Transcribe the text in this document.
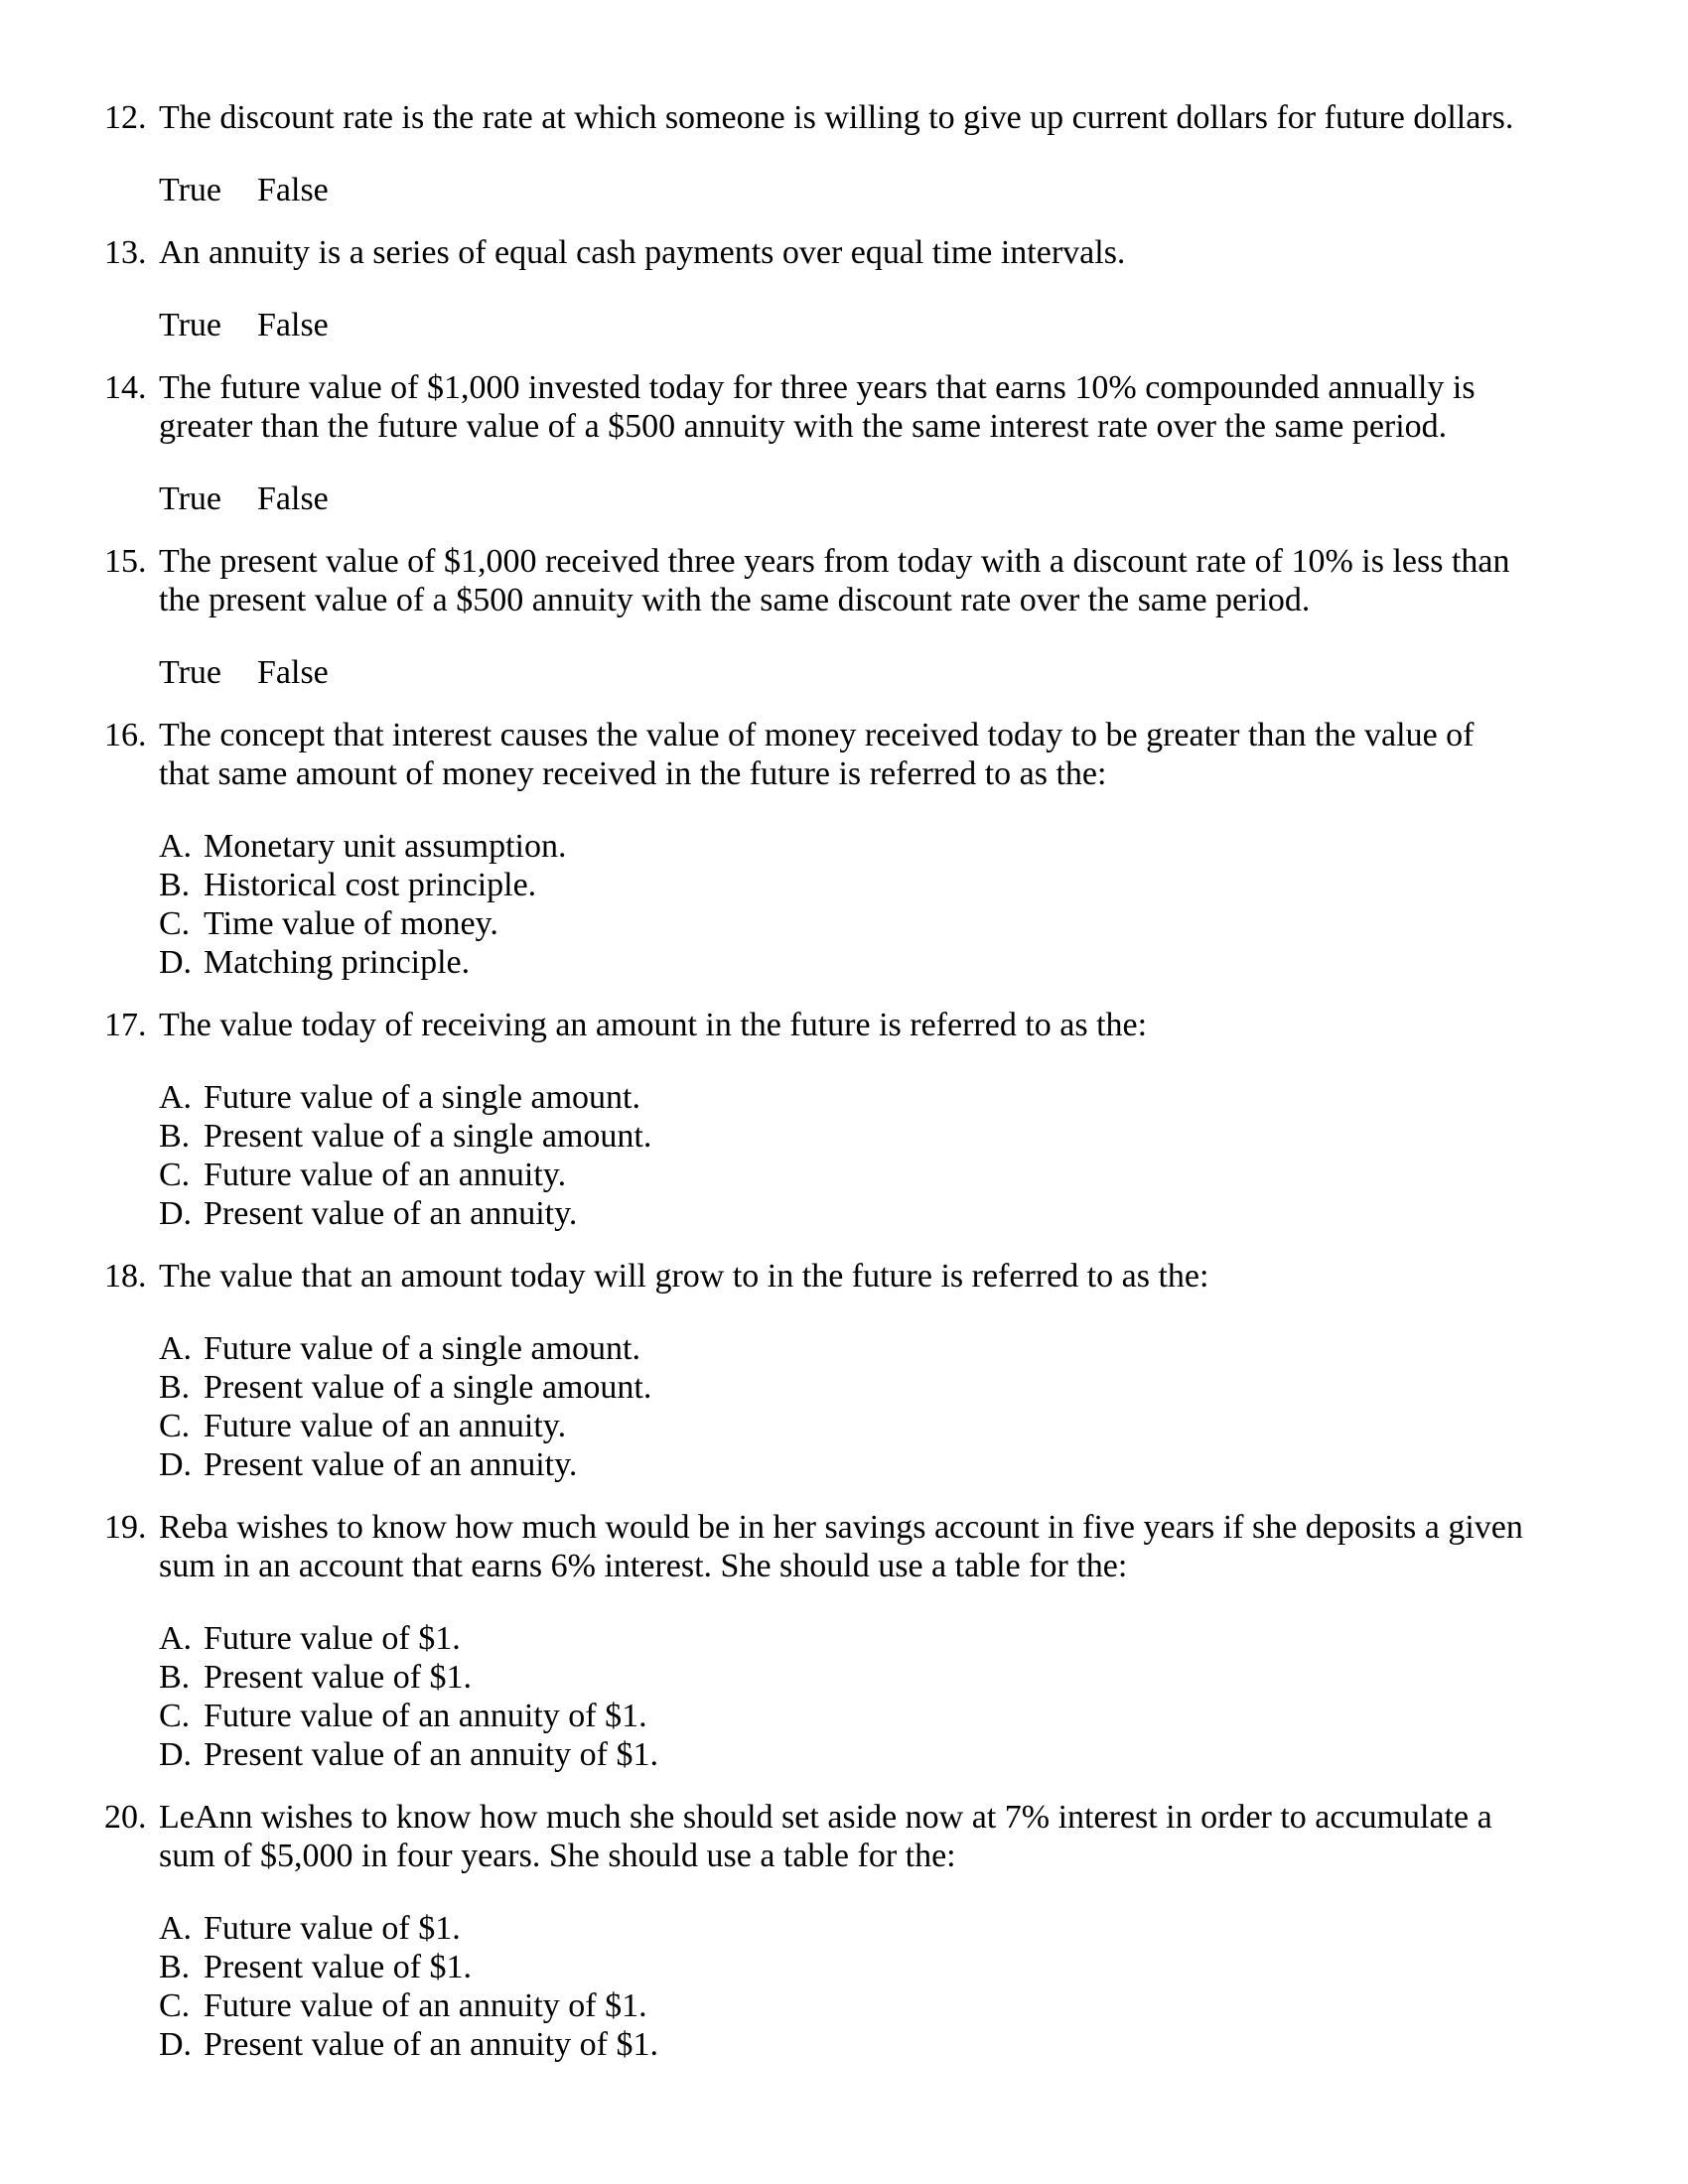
12. The discount rate is the rate at which someone is willing to give up current dollars for future dollars.
True False
13. An annuity is a series of equal cash payments over equal time intervals.
True False
14. The future value of $1,000 invested today for three years that earns 10% compounded annually is greater than the future value of a $500 annuity with the same interest rate over the same period.
True False
15. The present value of $1,000 received three years from today with a discount rate of 10% is less than the present value of a $500 annuity with the same discount rate over the same period.
True False
16. The concept that interest causes the value of money received today to be greater than the value of that same amount of money received in the future is referred to as the:
A. Monetary unit assumption.
B. Historical cost principle.
C. Time value of money.
D. Matching principle.
17. The value today of receiving an amount in the future is referred to as the:
A. Future value of a single amount.
B. Present value of a single amount.
C. Future value of an annuity.
D. Present value of an annuity.
18. The value that an amount today will grow to in the future is referred to as the:
A. Future value of a single amount.
B. Present value of a single amount.
C. Future value of an annuity.
D. Present value of an annuity.
19. Reba wishes to know how much would be in her savings account in five years if she deposits a given sum in an account that earns 6% interest. She should use a table for the:
A. Future value of $1.
B. Present value of $1.
C. Future value of an annuity of $1.
D. Present value of an annuity of $1.
20. LeAnn wishes to know how much she should set aside now at 7% interest in order to accumulate a sum of $5,000 in four years. She should use a table for the:
A. Future value of $1.
B. Present value of $1.
C. Future value of an annuity of $1.
D. Present value of an annuity of $1.
